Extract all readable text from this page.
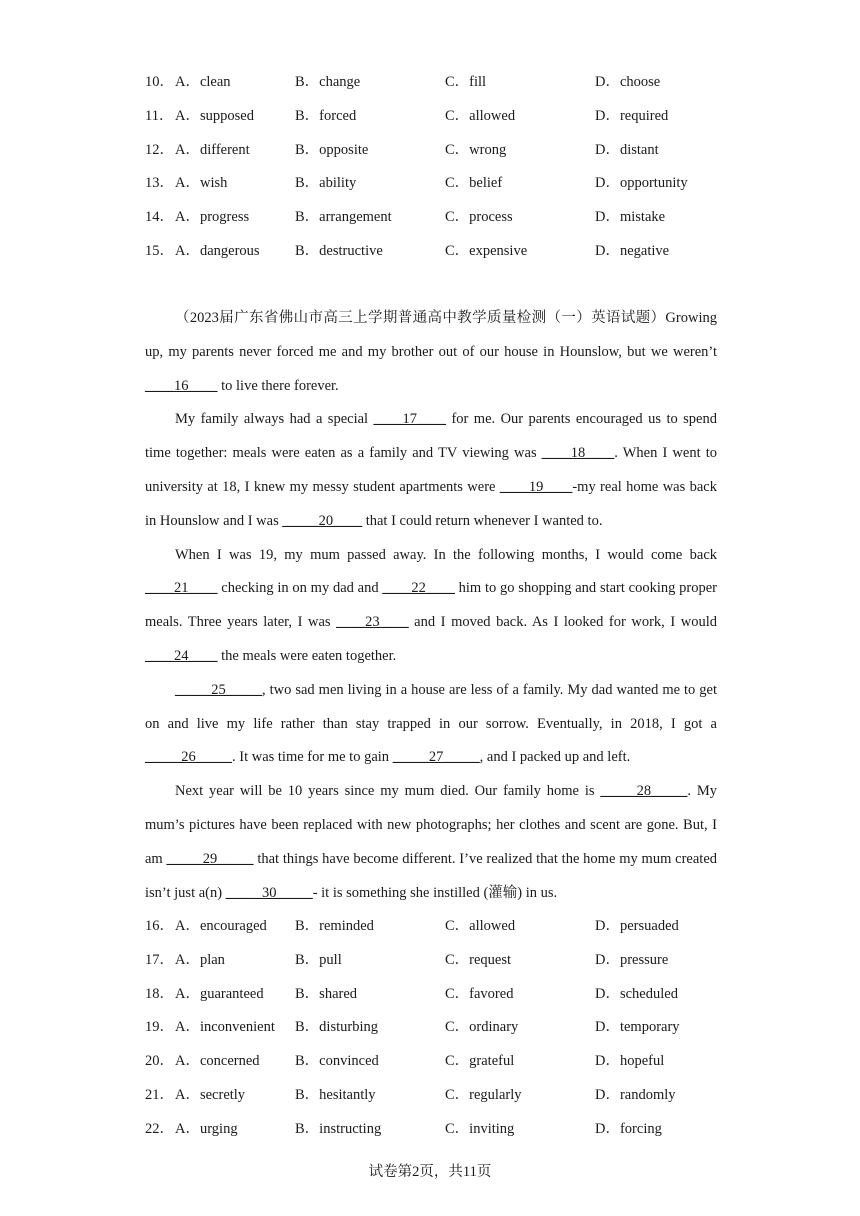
10． A．clean	B．change	C．fill	D．choose
11． A．supposed	B．forced	C．allowed	D．required
12． A．different	B．opposite	C．wrong	D．distant
13． A．wish	B．ability	C．belief	D．opportunity
14． A．progress	B．arrangement	C．process	D．mistake
15． A．dangerous B．destructive	C．expensive	D．negative

（2023届广东省佛山市高三上学期普通高中教学质量检测（一）英语试题）Growing up, my parents never forced me and my brother out of our house in Hounslow, but we weren’t ____16____ to live there forever.

My family always had a special ____17____ for me. Our parents encouraged us to spend time together: meals were eaten as a family and TV viewing was ____18____. When I went to university at 18, I knew my messy student apartments were ____19____-my real home was back in Hounslow and I was _____20____ that I could return whenever I wanted to.

When I was 19, my mum passed away. In the following months, I would come back ____21____ checking in on my dad and ____22____ him to go shopping and start cooking proper meals. Three years later, I was ____23____ and I moved back. As I looked for work, I would ____24____ the meals were eaten together.

_____25_____, two sad men living in a house are less of a family. My dad wanted me to get on and live my life rather than stay trapped in our sorrow. Eventually, in 2018, I got a _____26_____. It was time for me to gain _____27_____, and I packed up and left.

Next year will be 10 years since my mum died. Our family home is _____28_____. My mum’s pictures have been replaced with new photographs; her clothes and scent are gone. But, I am _____29_____ that things have become different. I’ve realized that the home my mum created isn’t just a(n) _____30_____- it is something she instilled (灌输) in us.

16． A．encouraged B．reminded	C．allowed	D．persuaded
17． A．plan	B．pull	C．request	D．pressure
18． A．guaranteed B．shared	C．favored	D．scheduled
19． A．inconvenient B．disturbing	C．ordinary	D．temporary
20． A．concerned B．convinced	C．grateful	D．hopeful
21． A．secretly	B．hesitantly	C．regularly	D．randomly
22． A．urging	B．instructing	C．inviting	D．forcing
试卷第2页，共11页
